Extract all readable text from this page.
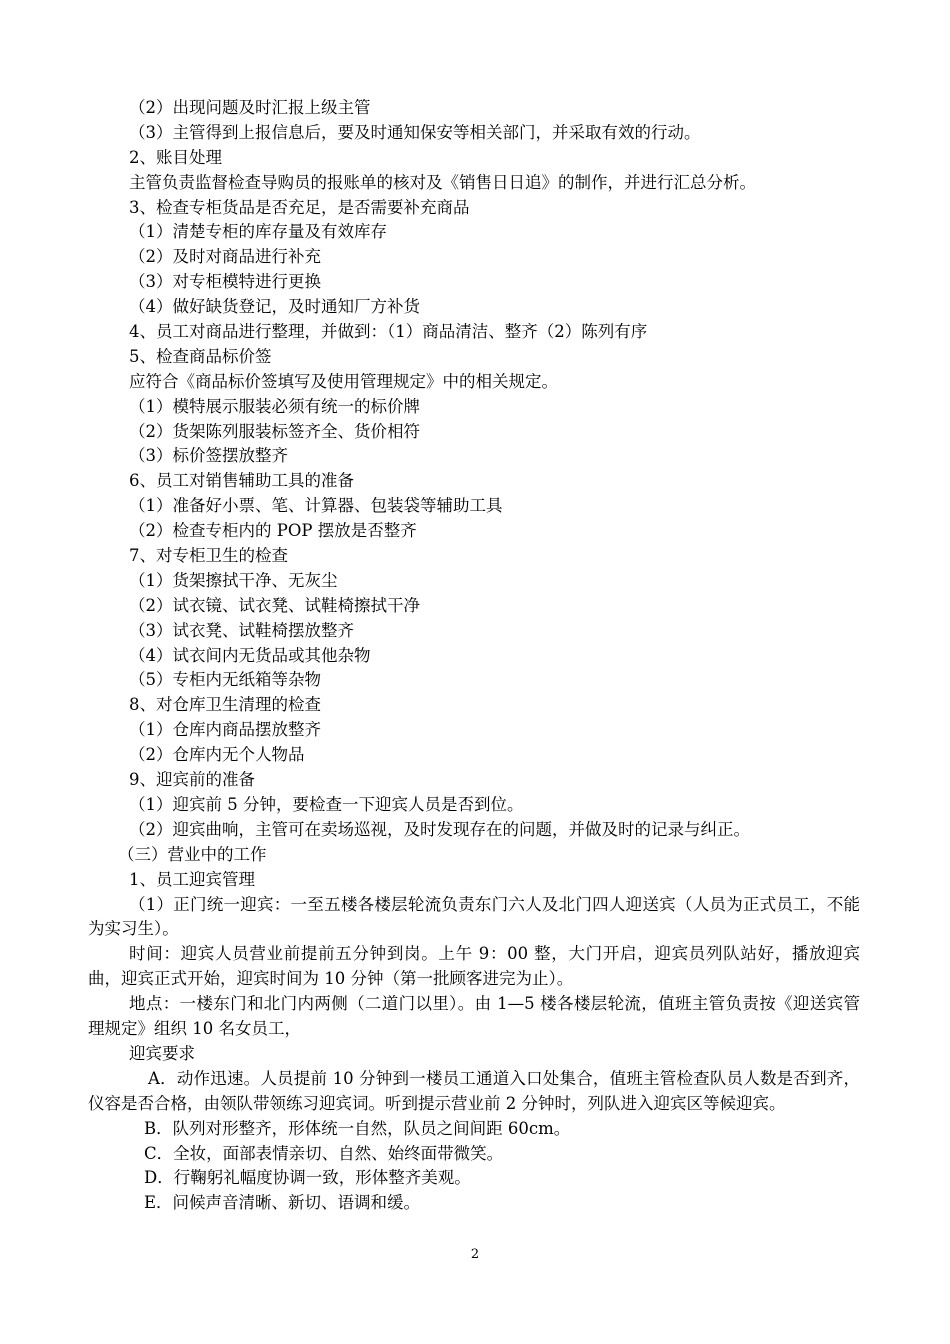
（2）出现问题及时汇报上级主管
（3）主管得到上报信息后，要及时通知保安等相关部门，并采取有效的行动。
2、账目处理
主管负责监督检查导购员的报账单的核对及《销售日日追》的制作，并进行汇总分析。
3、检查专柜货品是否充足，是否需要补充商品
（1）清楚专柜的库存量及有效库存
（2）及时对商品进行补充
（3）对专柜模特进行更换
（4）做好缺货登记，及时通知厂方补货
4、员工对商品进行整理，并做到：（1）商品清洁、整齐（2）陈列有序
5、检查商品标价签
应符合《商品标价签填写及使用管理规定》中的相关规定。
（1）模特展示服装必须有统一的标价牌
（2）货架陈列服装标签齐全、货价相符
（3）标价签摆放整齐
6、员工对销售辅助工具的准备
（1）准备好小票、笔、计算器、包装袋等辅助工具
（2）检查专柜内的 POP 摆放是否整齐
7、对专柜卫生的检查
（1）货架擦拭干净、无灰尘
（2）试衣镜、试衣凳、试鞋椅擦拭干净
（3）试衣凳、试鞋椅摆放整齐
（4）试衣间内无货品或其他杂物
（5）专柜内无纸箱等杂物
8、对仓库卫生清理的检查
（1）仓库内商品摆放整齐
（2）仓库内无个人物品
9、迎宾前的准备
（1）迎宾前 5 分钟，要检查一下迎宾人员是否到位。
（2）迎宾曲响，主管可在卖场巡视，及时发现存在的问题，并做及时的记录与纠正。
（三）营业中的工作
1、员工迎宾管理
（1）正门统一迎宾：一至五楼各楼层轮流负责东门六人及北门四人迎送宾（人员为正式员工，不能为实习生）。
时间：迎宾人员营业前提前五分钟到岗。上午 9：00 整，大门开启，迎宾员列队站好，播放迎宾曲，迎宾正式开始，迎宾时间为 10 分钟（第一批顾客进完为止）。
地点：一楼东门和北门内两侧（二道门以里）。由 1—5 楼各楼层轮流，值班主管负责按《迎送宾管理规定》组织 10 名女员工，
迎宾要求
A．动作迅速。人员提前 10 分钟到一楼员工通道入口处集合，值班主管检查队员人数是否到齐，仪容是否合格，由领队带领练习迎宾词。听到提示营业前 2 分钟时，列队进入迎宾区等候迎宾。
B．队列对形整齐，形体统一自然，队员之间间距 60cm。
C．全妆，面部表情亲切、自然、始终面带微笑。
D．行鞠躬礼幅度协调一致，形体整齐美观。
E．问候声音清晰、新切、语调和缓。
2
